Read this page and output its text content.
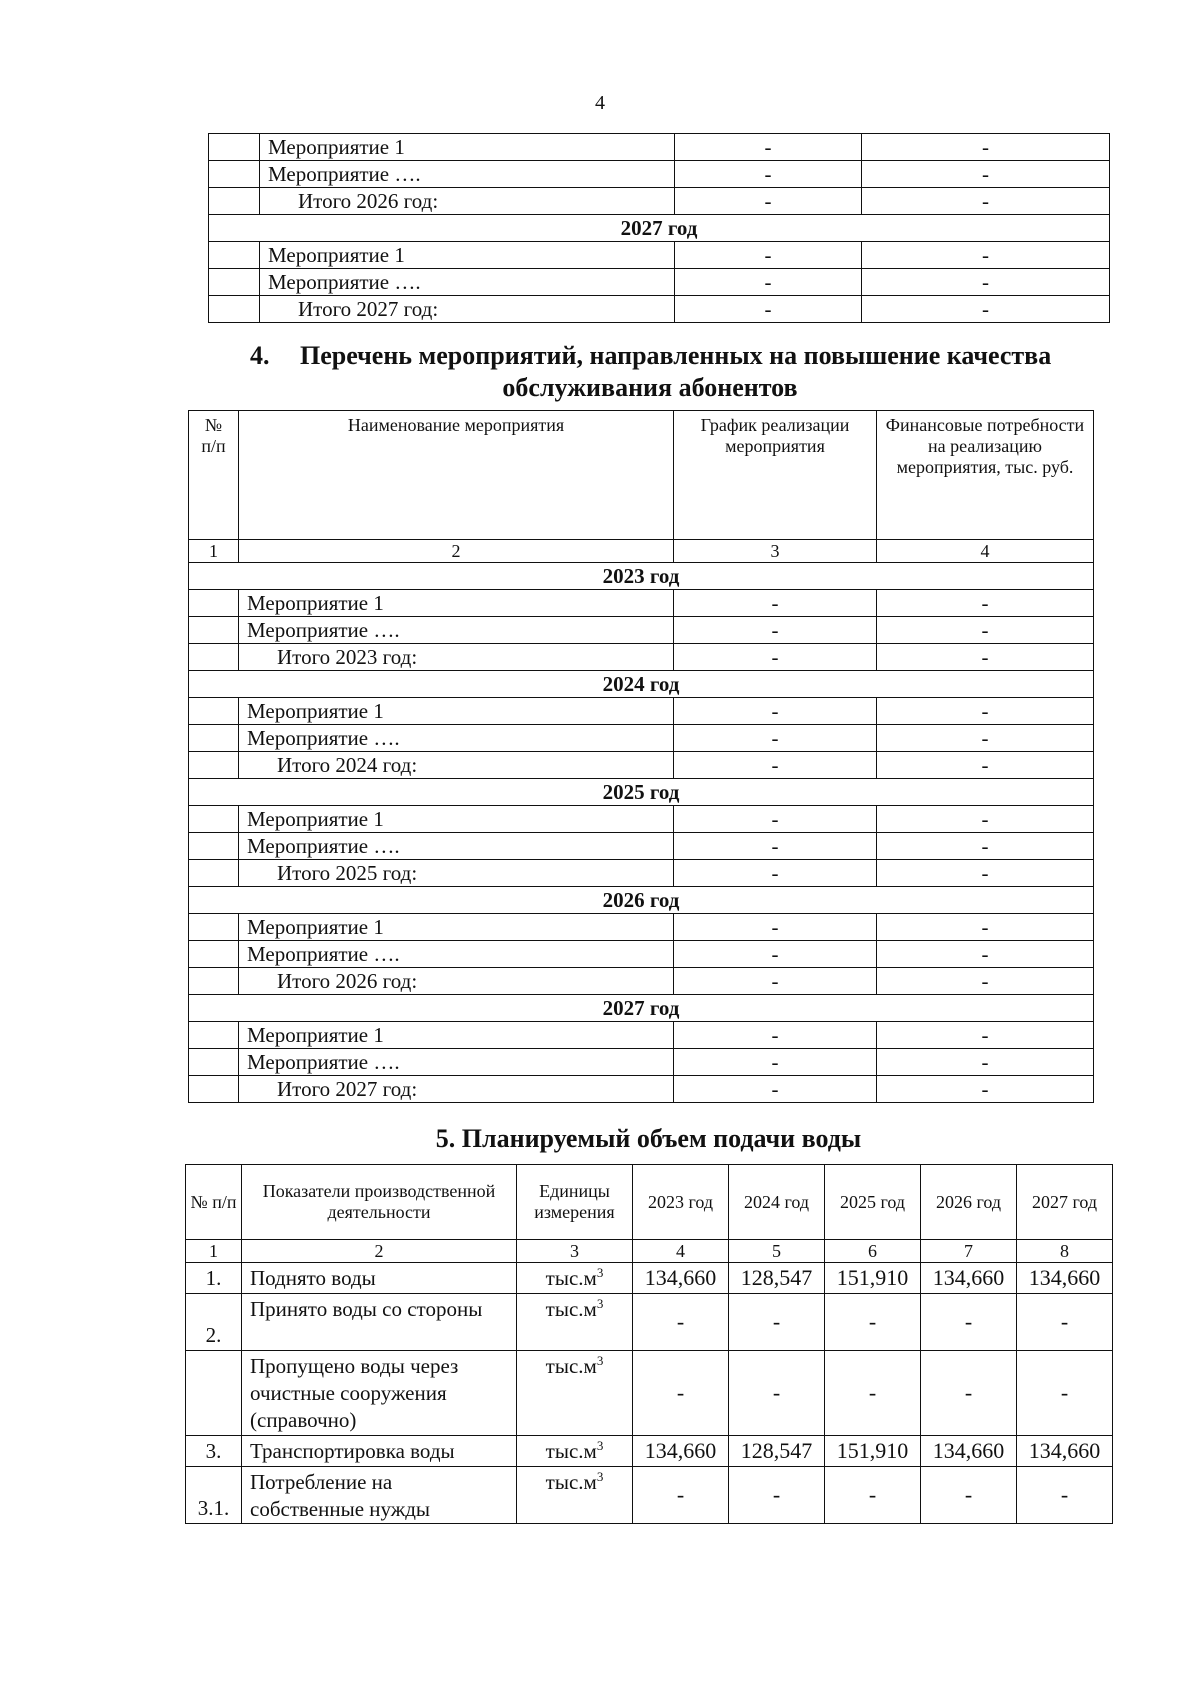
4
	Мероприятие 1	-	-
	Мероприятие ….	-	-
	Итого 2026 год:	-	-
2027 год			
	Мероприятие 1	-	-
	Мероприятие ….	-	-
	Итого 2027 год:	-	-
4. Перечень мероприятий, направленных на повышение качества
обслуживания абонентов
№ п/п	Наименование мероприятия	График реализации мероприятия	Финансовые потребности на реализацию мероприятия, тыс. руб.
1	2	3	4
2023 год			
	Мероприятие 1	-	-
	Мероприятие ….	-	-
	Итого 2023 год:	-	-
2024 год			
	Мероприятие 1	-	-
	Мероприятие ….	-	-
	Итого 2024 год:	-	-
2025 год			
	Мероприятие 1	-	-
	Мероприятие ….	-	-
	Итого 2025 год:	-	-
2026 год			
	Мероприятие 1	-	-
	Мероприятие ….	-	-
	Итого 2026 год:	-	-
2027 год			
	Мероприятие 1	-	-
	Мероприятие ….	-	-
	Итого 2027 год:	-	-
5. Планируемый объем подачи воды
№ п/п	Показатели производственной деятельности	Единицы измерения	2023 год	2024 год	2025 год	2026 год	2027 год
1	2	3	4	5	6	7	8
1.	Поднято воды	$тыс.м^3$	134,660	128,547	151,910	134,660	134,660
2.	Принято воды со стороны	$тыс.м^3$	-	-	-	-	-
	Пропущено воды через очистные сооружения (справочно)	$тыс.м^3$	-	-	-	-	-
3.	Транспортировка воды	$тыс.м^3$	134,660	128,547	151,910	134,660	134,660
3.1.	Потребление на собственные нужды	$тыс.м^3$	-	-	-	-	-
